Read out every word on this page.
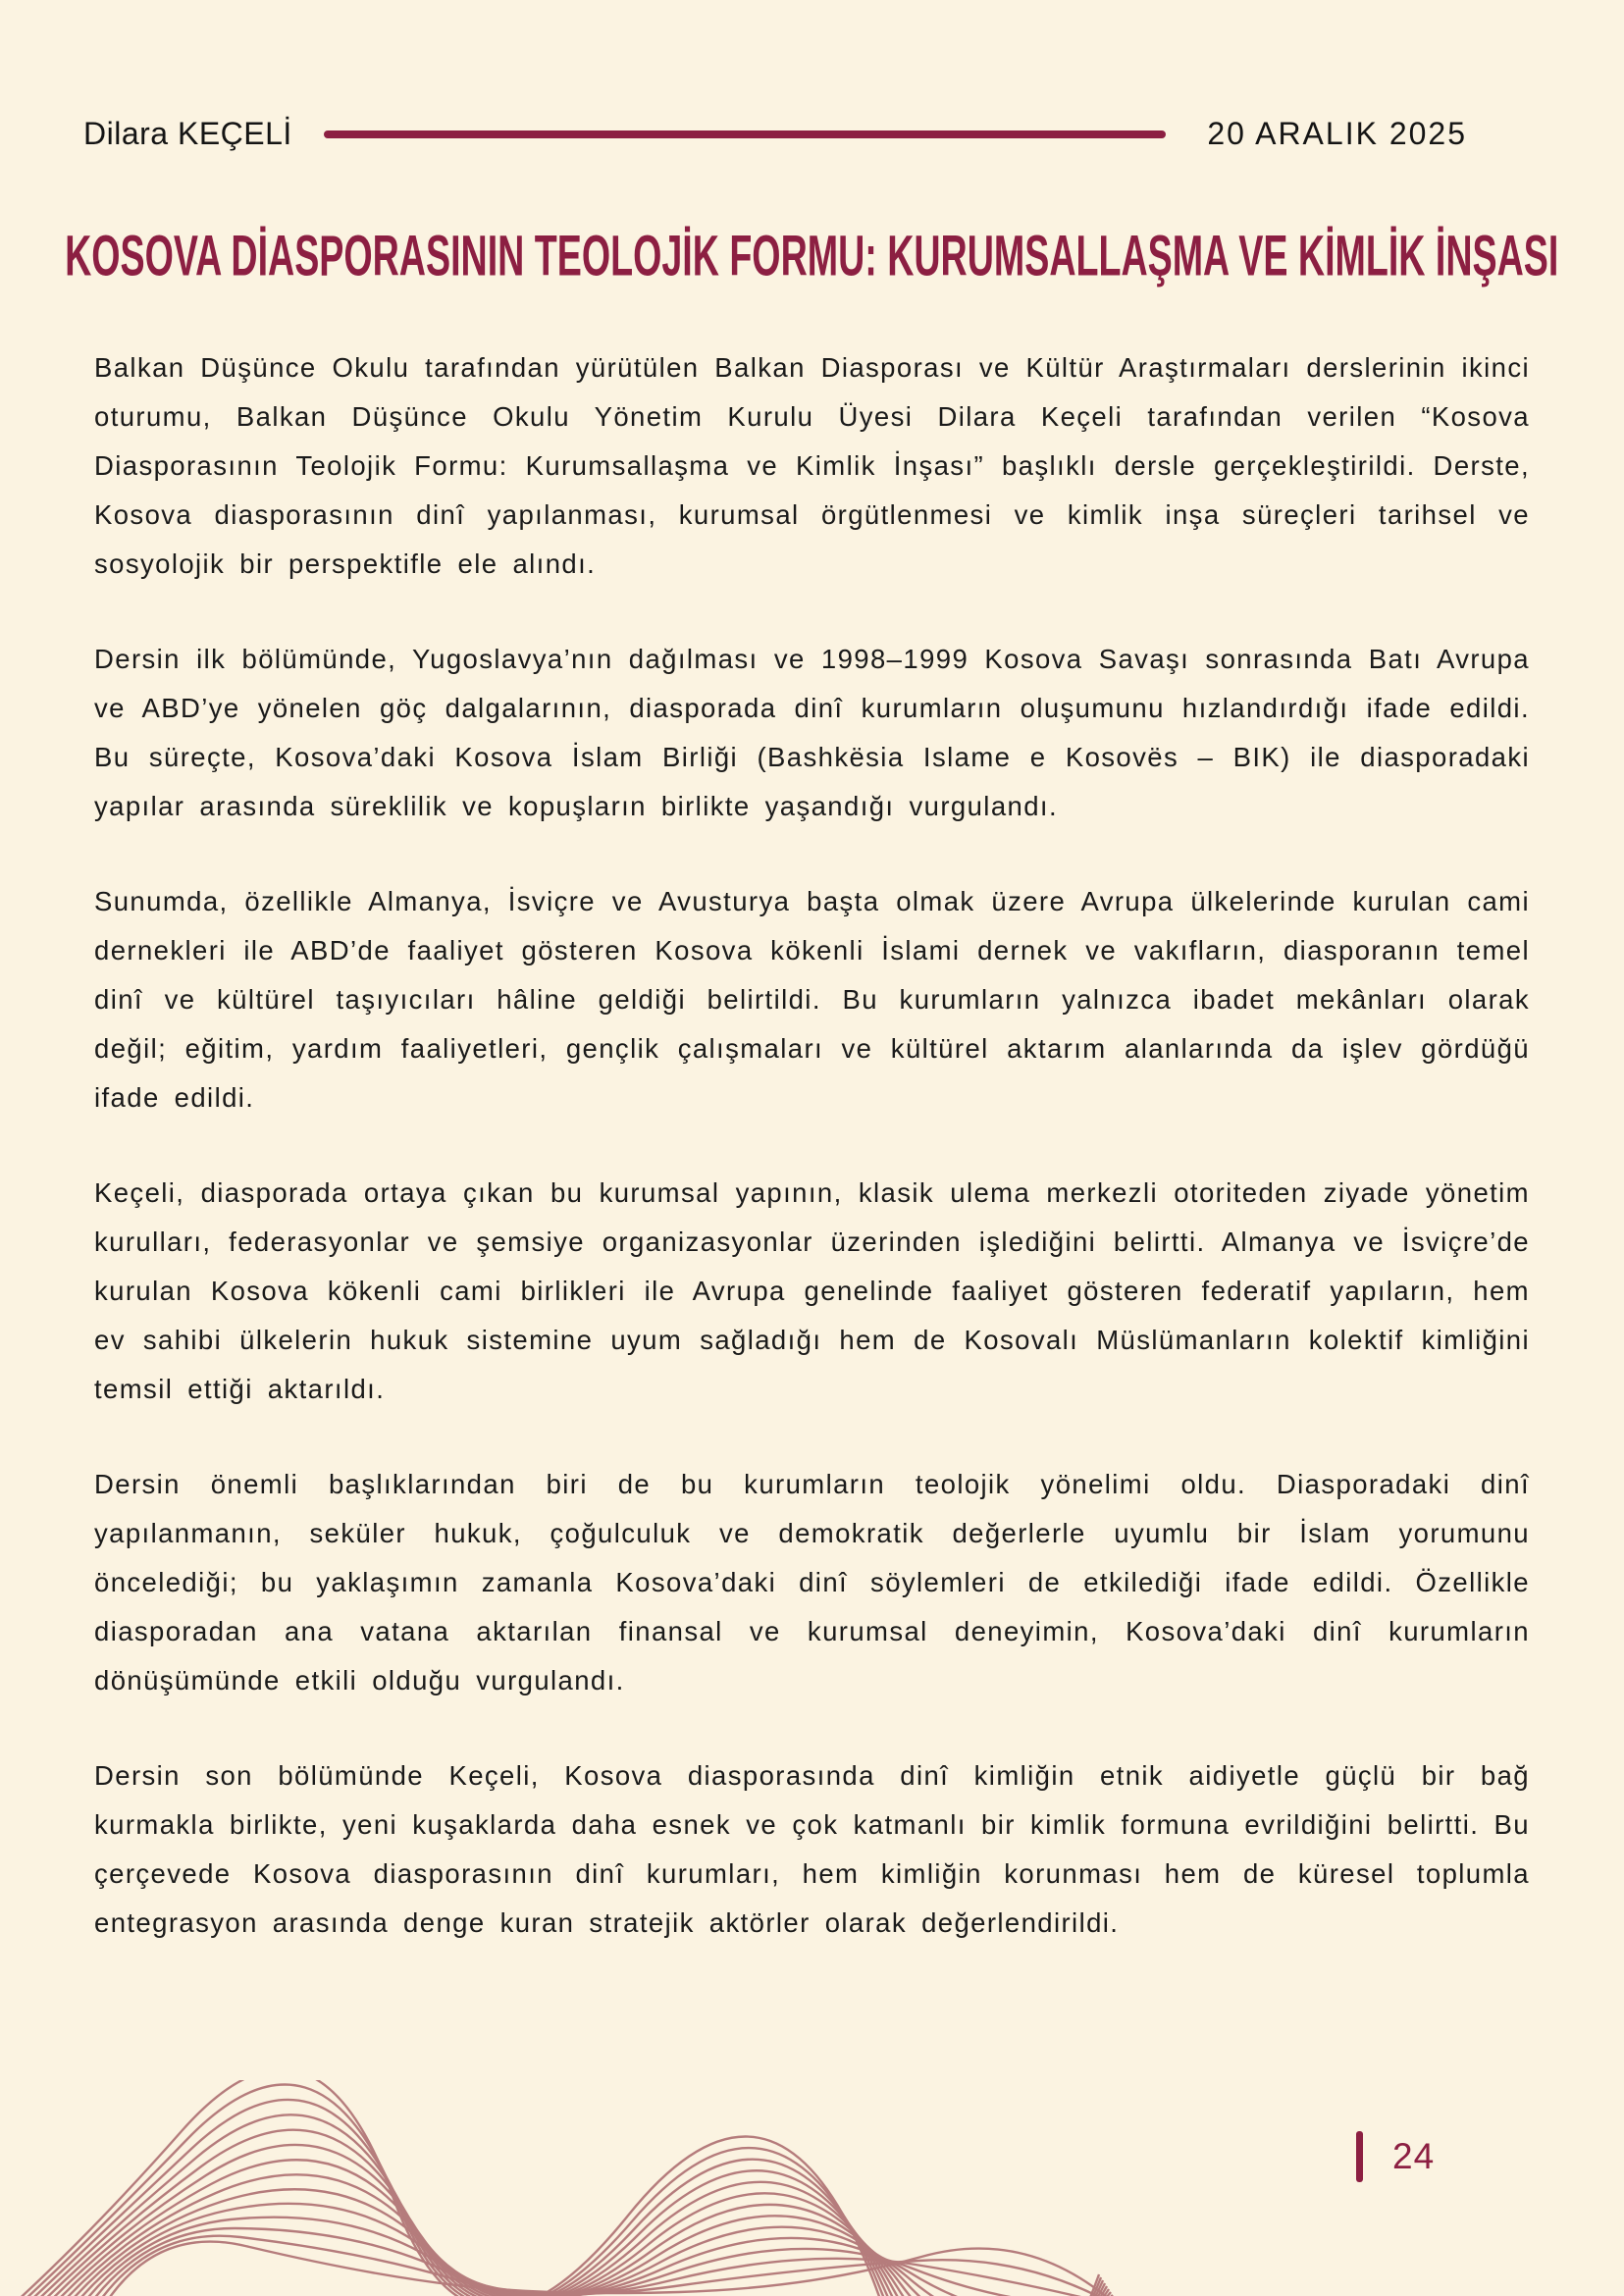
Dilara KEÇELİ	20 ARALIK 2025
KOSOVA DİASPORASININ TEOLOJİK FORMU: KURUMSALLAŞMA VE KİMLİK İNŞASI

Balkan Düşünce Okulu tarafından yürütülen Balkan Diasporası ve Kültür Araştırmaları derslerinin ikinci oturumu, Balkan Düşünce Okulu Yönetim Kurulu Üyesi Dilara Keçeli tarafından verilen “Kosova Diasporasının Teolojik Formu: Kurumsallaşma ve Kimlik İnşası” başlıklı dersle gerçekleştirildi. Derste, Kosova diasporasının dinî yapılanması, kurumsal örgütlenmesi ve kimlik inşa süreçleri tarihsel ve sosyolojik bir perspektifle ele alındı.

Dersin ilk bölümünde, Yugoslavya’nın dağılması ve 1998–1999 Kosova Savaşı sonrasında Batı Avrupa ve ABD’ye yönelen göç dalgalarının, diasporada dinî kurumların oluşumunu hızlandırdığı ifade edildi. Bu süreçte, Kosova’daki Kosova İslam Birliği (Bashkësia Islame e Kosovës – BIK) ile diasporadaki yapılar arasında süreklilik ve kopuşların birlikte yaşandığı vurgulandı.

Sunumda, özellikle Almanya, İsviçre ve Avusturya başta olmak üzere Avrupa ülkelerinde kurulan cami dernekleri ile ABD’de faaliyet gösteren Kosova kökenli İslami dernek ve vakıfların, diasporanın temel dinî ve kültürel taşıyıcıları hâline geldiği belirtildi. Bu kurumların yalnızca ibadet mekânları olarak değil; eğitim, yardım faaliyetleri, gençlik çalışmaları ve kültürel aktarım alanlarında da işlev gördüğü ifade edildi.

Keçeli, diasporada ortaya çıkan bu kurumsal yapının, klasik ulema merkezli otoriteden ziyade yönetim kurulları, federasyonlar ve şemsiye organizasyonlar üzerinden işlediğini belirtti. Almanya ve İsviçre’de kurulan Kosova kökenli cami birlikleri ile Avrupa genelinde faaliyet gösteren federatif yapıların, hem ev sahibi ülkelerin hukuk sistemine uyum sağladığı hem de Kosovalı Müslümanların kolektif kimliğini temsil ettiği aktarıldı.

Dersin önemli başlıklarından biri de bu kurumların teolojik yönelimi oldu. Diasporadaki dinî yapılanmanın, seküler hukuk, çoğulculuk ve demokratik değerlerle uyumlu bir İslam yorumunu öncelediği; bu yaklaşımın zamanla Kosova’daki dinî söylemleri de etkilediği ifade edildi. Özellikle diasporadan ana vatana aktarılan finansal ve kurumsal deneyimin, Kosova’daki dinî kurumların dönüşümünde etkili olduğu vurgulandı.

Dersin son bölümünde Keçeli, Kosova diasporasında dinî kimliğin etnik aidiyetle güçlü bir bağ kurmakla birlikte, yeni kuşaklarda daha esnek ve çok katmanlı bir kimlik formuna evrildiğini belirtti. Bu çerçevede Kosova diasporasının dinî kurumları, hem kimliğin korunması hem de küresel toplumla entegrasyon arasında denge kuran stratejik aktörler olarak değerlendirildi.

24
